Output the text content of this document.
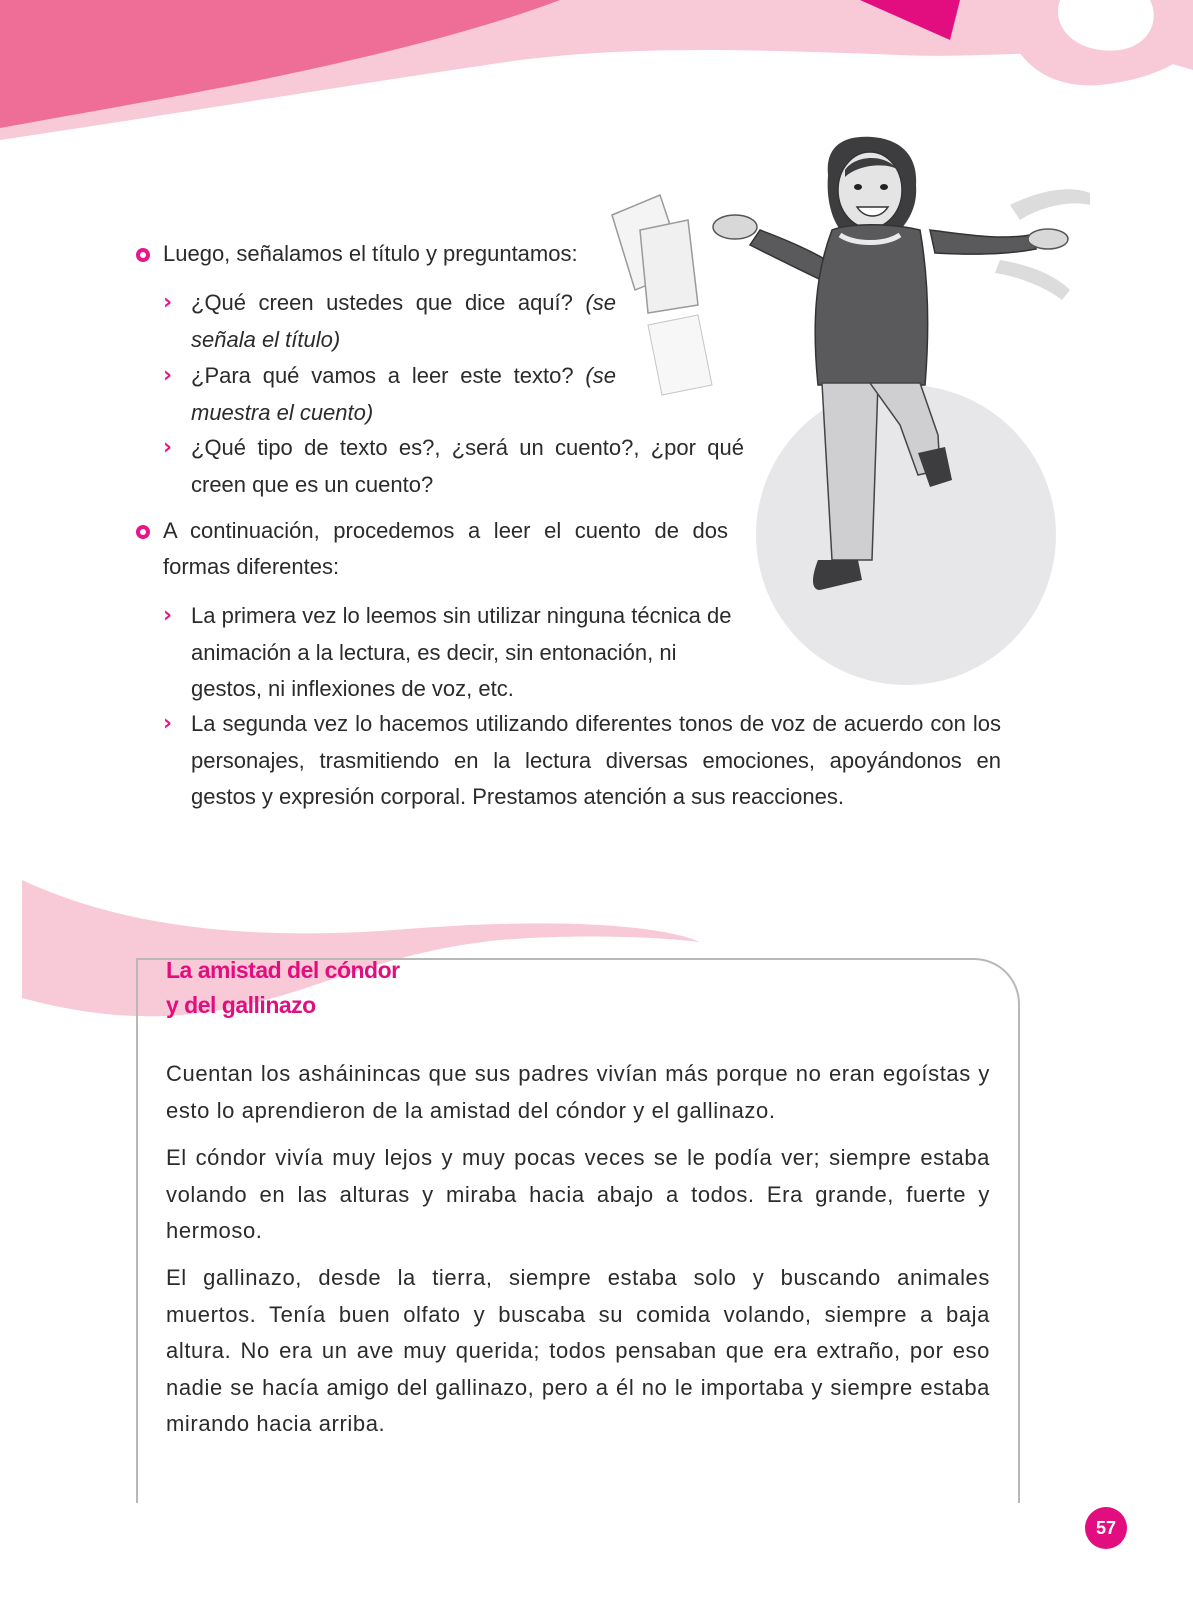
Luego, señalamos el título y preguntamos:
› ¿Qué creen ustedes que dice aquí? (se señala el título)
› ¿Para qué vamos a leer este texto? (se muestra el cuento)
› ¿Qué tipo de texto es?, ¿será un cuento?, ¿por qué creen que es un cuento?
A continuación, procedemos a leer el cuento de dos formas diferentes:
› La primera vez lo leemos sin utilizar ninguna técnica de animación a la lectura, es decir, sin entonación, ni gestos, ni inflexiones de voz, etc.
› La segunda vez lo hacemos utilizando diferentes tonos de voz de acuerdo con los personajes, trasmitiendo en la lectura diversas emociones, apoyándonos en gestos y expresión corporal. Prestamos atención a sus reacciones.
La amistad del cóndor
y del gallinazo
Cuentan los asháinincas que sus padres vivían más porque no eran egoístas y esto lo aprendieron de la amistad del cóndor y el gallinazo.
El cóndor vivía muy lejos y muy pocas veces se le podía ver; siempre estaba volando en las alturas y miraba hacia abajo a todos. Era grande, fuerte y hermoso.
El gallinazo, desde la tierra, siempre estaba solo y buscando animales muertos. Tenía buen olfato y buscaba su comida volando, siempre a baja altura. No era un ave muy querida; todos pensaban que era extraño, por eso nadie se hacía amigo del gallinazo, pero a él no le importaba y siempre estaba mirando hacia arriba.
57
